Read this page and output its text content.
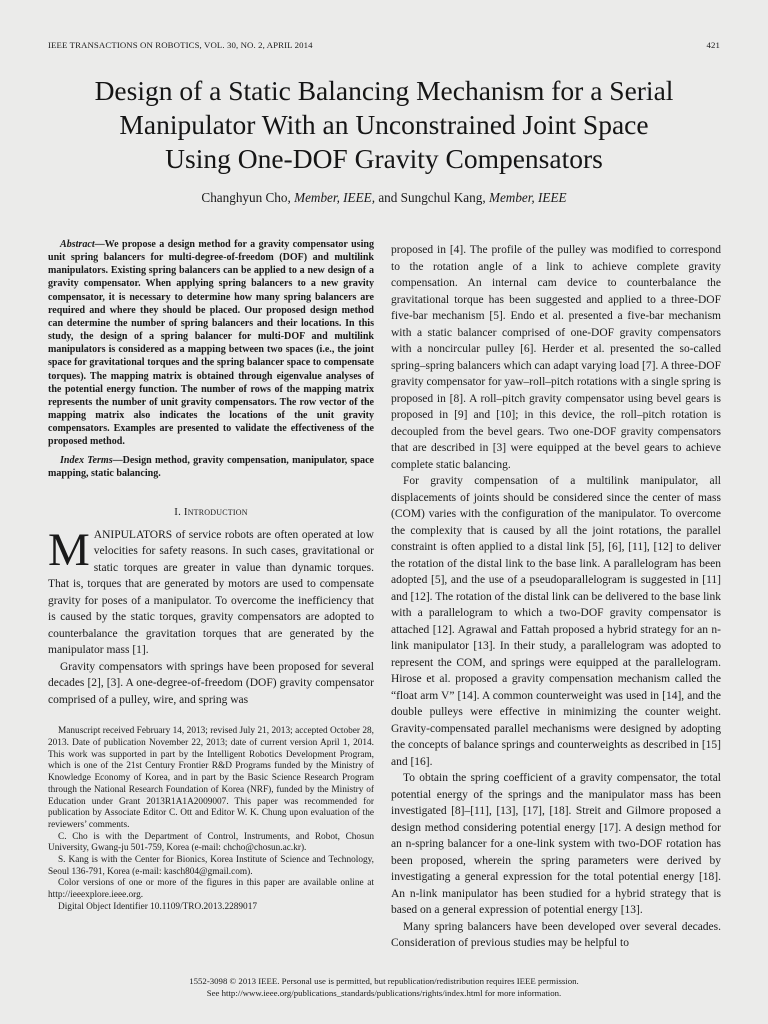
IEEE TRANSACTIONS ON ROBOTICS, VOL. 30, NO. 2, APRIL 2014	421
Design of a Static Balancing Mechanism for a Serial
Manipulator With an Unconstrained Joint Space
Using One-DOF Gravity Compensators
Changhyun Cho, Member, IEEE, and Sungchul Kang, Member, IEEE
Abstract—We propose a design method for a gravity compensator using unit spring balancers for multi-degree-of-freedom (DOF) and multilink manipulators. Existing spring balancers can be applied to a new design of a gravity compensator. When applying spring balancers to a new gravity compensator, it is necessary to determine how many spring balancers are required and where they should be placed. Our proposed design method can determine the number of spring balancers and their locations. In this study, the design of a spring balancer for multi-DOF and multilink manipulators is considered as a mapping between two spaces (i.e., the joint space for gravitational torques and the spring balancer space to compensate torques). The mapping matrix is obtained through eigenvalue analyses of the potential energy function. The number of rows of the mapping matrix represents the number of unit gravity compensators. The row vector of the mapping matrix also indicates the locations of the unit gravity compensators. Examples are presented to validate the effectiveness of the proposed method.
Index Terms—Design method, gravity compensation, manipulator, space mapping, static balancing.
I. Introduction

MANIPULATORS of service robots are often operated at low velocities for safety reasons. In such cases, gravitational or static torques are greater in value than dynamic torques. That is, torques that are generated by motors are used to compensate gravity for poses of a manipulator. To overcome the inefficiency that is caused by the static torques, gravity compensators are adopted to counterbalance the gravitation torques that are generated by the manipulator mass [1].

Gravity compensators with springs have been proposed for several decades [2], [3]. A one-degree-of-freedom (DOF) gravity compensator comprised of a pulley, wire, and spring was

Manuscript received February 14, 2013; revised July 21, 2013; accepted October 28, 2013. Date of publication November 22, 2013; date of current version April 1, 2014. This work was supported in part by the Intelligent Robotics Development Program, which is one of the 21st Century Frontier R&D Programs funded by the Ministry of Knowledge Economy of Korea, and in part by the Basic Science Research Program through the National Research Foundation of Korea (NRF), funded by the Ministry of Education under Grant 2013R1A1A2009007. This paper was recommended for publication by Associate Editor C. Ott and Editor W. K. Chung upon evaluation of the reviewers’ comments.

C. Cho is with the Department of Control, Instruments, and Robot, Chosun University, Gwang-ju 501-759, Korea (e-mail: chcho@chosun.ac.kr).

S. Kang is with the Center for Bionics, Korea Institute of Science and Technology, Seoul 136-791, Korea (e-mail: kasch804@gmail.com).

Color versions of one or more of the figures in this paper are available online at http://ieeexplore.ieee.org.

Digital Object Identifier 10.1109/TRO.2013.2289017

proposed in [4]. The profile of the pulley was modified to correspond to the rotation angle of a link to achieve complete gravity compensation. An internal cam device to counterbalance the gravitational torque has been suggested and applied to a three-DOF five-bar mechanism [5]. Endo et al. presented a five-bar mechanism with a static balancer comprised of one-DOF gravity compensators with a noncircular pulley [6]. Herder et al. presented the so-called spring–spring balancers which can adapt varying load [7]. A three-DOF gravity compensator for yaw–roll–pitch rotations with a single spring is proposed in [8]. A roll–pitch gravity compensator using bevel gears is proposed in [9] and [10]; in this device, the roll–pitch rotation is decoupled from the bevel gears. Two one-DOF gravity compensators that are described in [3] were equipped at the bevel gears to achieve complete static balancing.

For gravity compensation of a multilink manipulator, all displacements of joints should be considered since the center of mass (COM) varies with the configuration of the manipulator. To overcome the complexity that is caused by all the joint rotations, the parallel constraint is often applied to a distal link [5], [6], [11], [12] to deliver the rotation of the distal link to the base link. A parallelogram has been adopted [5], and the use of a pseudoparallelogram is suggested in [11] and [12]. The rotation of the distal link can be delivered to the base link with a parallelogram to which a two-DOF gravity compensator is attached [12]. Agrawal and Fattah proposed a hybrid strategy for an n-link manipulator [13]. In their study, a parallelogram was adopted to represent the COM, and springs were equipped at the parallelogram. Hirose et al. proposed a gravity compensation mechanism called the “float arm V” [14]. A common counterweight was used in [14], and the double pulleys were effective in minimizing the counter weight. Gravity-compensated parallel mechanisms were designed by adopting the concepts of balance springs and counterweights as described in [15] and [16].

To obtain the spring coefficient of a gravity compensator, the total potential energy of the springs and the manipulator mass has been investigated [8]–[11], [13], [17], [18]. Streit and Gilmore proposed a design method considering potential energy [17]. A design method for an n-spring balancer for a one-link system with two-DOF rotation has been proposed, wherein the spring parameters were derived by investigating a general expression for the total potential energy [18]. An n-link manipulator has been studied for a hybrid strategy that is based on a general expression of potential energy [13].

Many spring balancers have been developed over several decades. Consideration of previous studies may be helpful to

1552-3098 © 2013 IEEE. Personal use is permitted, but republication/redistribution requires IEEE permission.
See http://www.ieee.org/publications_standards/publications/rights/index.html for more information.
